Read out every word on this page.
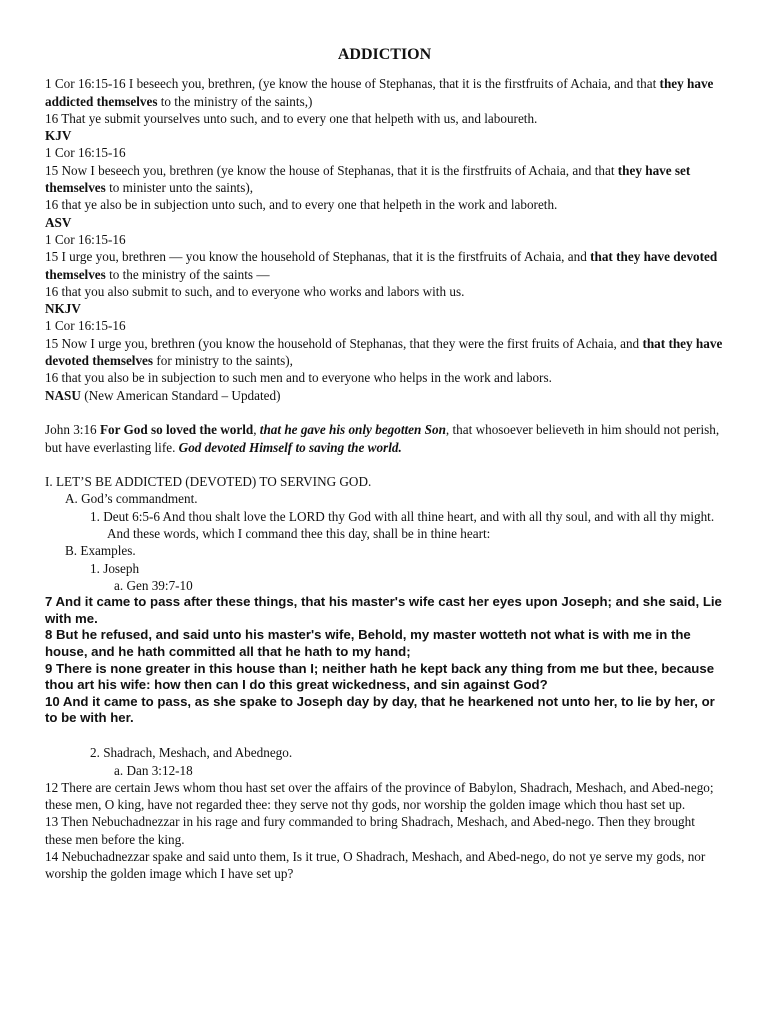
ADDICTION

1 Cor 16:15-16 I beseech you, brethren, (ye know the house of Stephanas, that it is the firstfruits of Achaia, and that they have addicted themselves to the ministry of the saints,)

16 That ye submit yourselves unto such, and to every one that helpeth with us, and laboureth.

KJV

1 Cor 16:15-16

15 Now I beseech you, brethren (ye know the house of Stephanas, that it is the firstfruits of Achaia, and that they have set themselves to minister unto the saints),

16 that ye also be in subjection unto such, and to every one that helpeth in the work and laboreth.

ASV

1 Cor 16:15-16

15 I urge you, brethren — you know the household of Stephanas, that it is the firstfruits of Achaia, and that they have devoted themselves to the ministry of the saints —

16 that you also submit to such, and to everyone who works and labors with us.

NKJV

1 Cor 16:15-16

15 Now I urge you, brethren (you know the household of Stephanas, that they were the first fruits of Achaia, and that they have devoted themselves for ministry to the saints),

16 that you also be in subjection to such men and to everyone who helps in the work and labors.

NASU (New American Standard – Updated)

John 3:16 For God so loved the world, that he gave his only begotten Son, that whosoever believeth in him should not perish, but have everlasting life. God devoted Himself to saving the world.

I. LET’S BE ADDICTED (DEVOTED) TO SERVING GOD.

A. God’s commandment.

1. Deut 6:5-6 And thou shalt love the LORD thy God with all thine heart, and with all thy soul, and with all thy might. And these words, which I command thee this day, shall be in thine heart:

B. Examples.

1. Joseph

a. Gen 39:7-10

7 And it came to pass after these things, that his master's wife cast her eyes upon Joseph; and she said, Lie with me.

8 But he refused, and said unto his master's wife, Behold, my master wotteth not what is with me in the house, and he hath committed all that he hath to my hand;

9 There is none greater in this house than I; neither hath he kept back any thing from me but thee, because thou art his wife: how then can I do this great wickedness, and sin against God?

10 And it came to pass, as she spake to Joseph day by day, that he hearkened not unto her, to lie by her, or to be with her.

2. Shadrach, Meshach, and Abednego.

a. Dan 3:12-18

12 There are certain Jews whom thou hast set over the affairs of the province of Babylon, Shadrach, Meshach, and Abed-nego; these men, O king, have not regarded thee: they serve not thy gods, nor worship the golden image which thou hast set up.

13 Then Nebuchadnezzar in his rage and fury commanded to bring Shadrach, Meshach, and Abed-nego. Then they brought these men before the king.

14 Nebuchadnezzar spake and said unto them, Is it true, O Shadrach, Meshach, and Abed-nego, do not ye serve my gods, nor worship the golden image which I have set up?
